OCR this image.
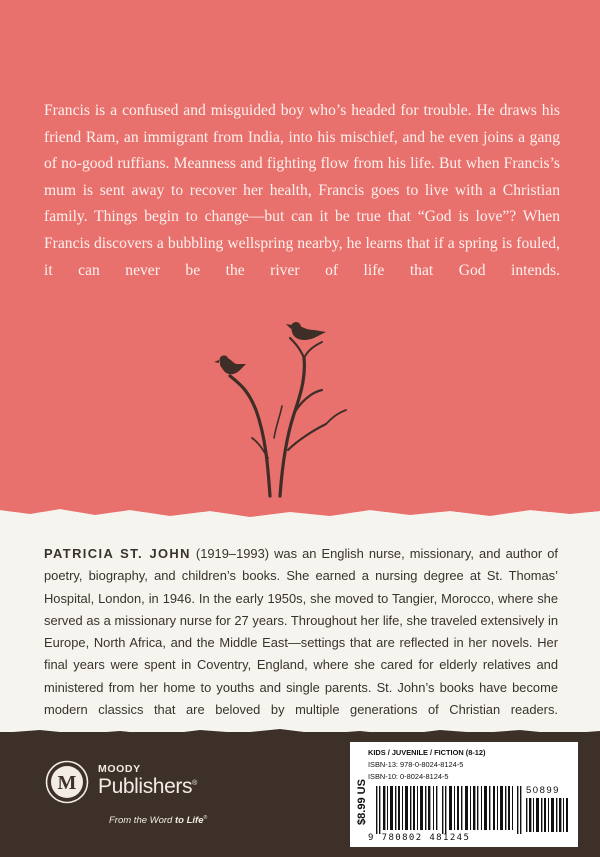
Francis is a confused and misguided boy who’s headed for trouble. He draws his friend Ram, an immigrant from India, into his mischief, and he even joins a gang of no-good ruffians. Meanness and fighting flow from his life. But when Francis’s mum is sent away to recover her health, Francis goes to live with a Christian family. Things begin to change—but can it be true that “God is love”? When Francis discovers a bubbling wellspring nearby, he learns that if a spring is fouled, it can never be the river of life that God intends.

PATRICIA ST. JOHN (1919–1993) was an English nurse, missionary, and author of poetry, biography, and children’s books. She earned a nursing degree at St. Thomas’ Hospital, London, in 1946. In the early 1950s, she moved to Tangier, Morocco, where she served as a missionary nurse for 27 years. Throughout her life, she traveled extensively in Europe, North Africa, and the Middle East—settings that are reflected in her novels. Her final years were spent in Coventry, England, where she cared for elderly relatives and ministered from her home to youths and single parents. St. John’s books have become modern classics that are beloved by multiple generations of Christian readers.

M
MOODY
Publishers®
From the Word to Life®	$8.99 US
KIDS / JUVENILE / FICTION (8-12)
ISBN-13: 978-0-8024-8124-5
ISBN-10: 0-8024-8124-5
50899
9 780802 481245
